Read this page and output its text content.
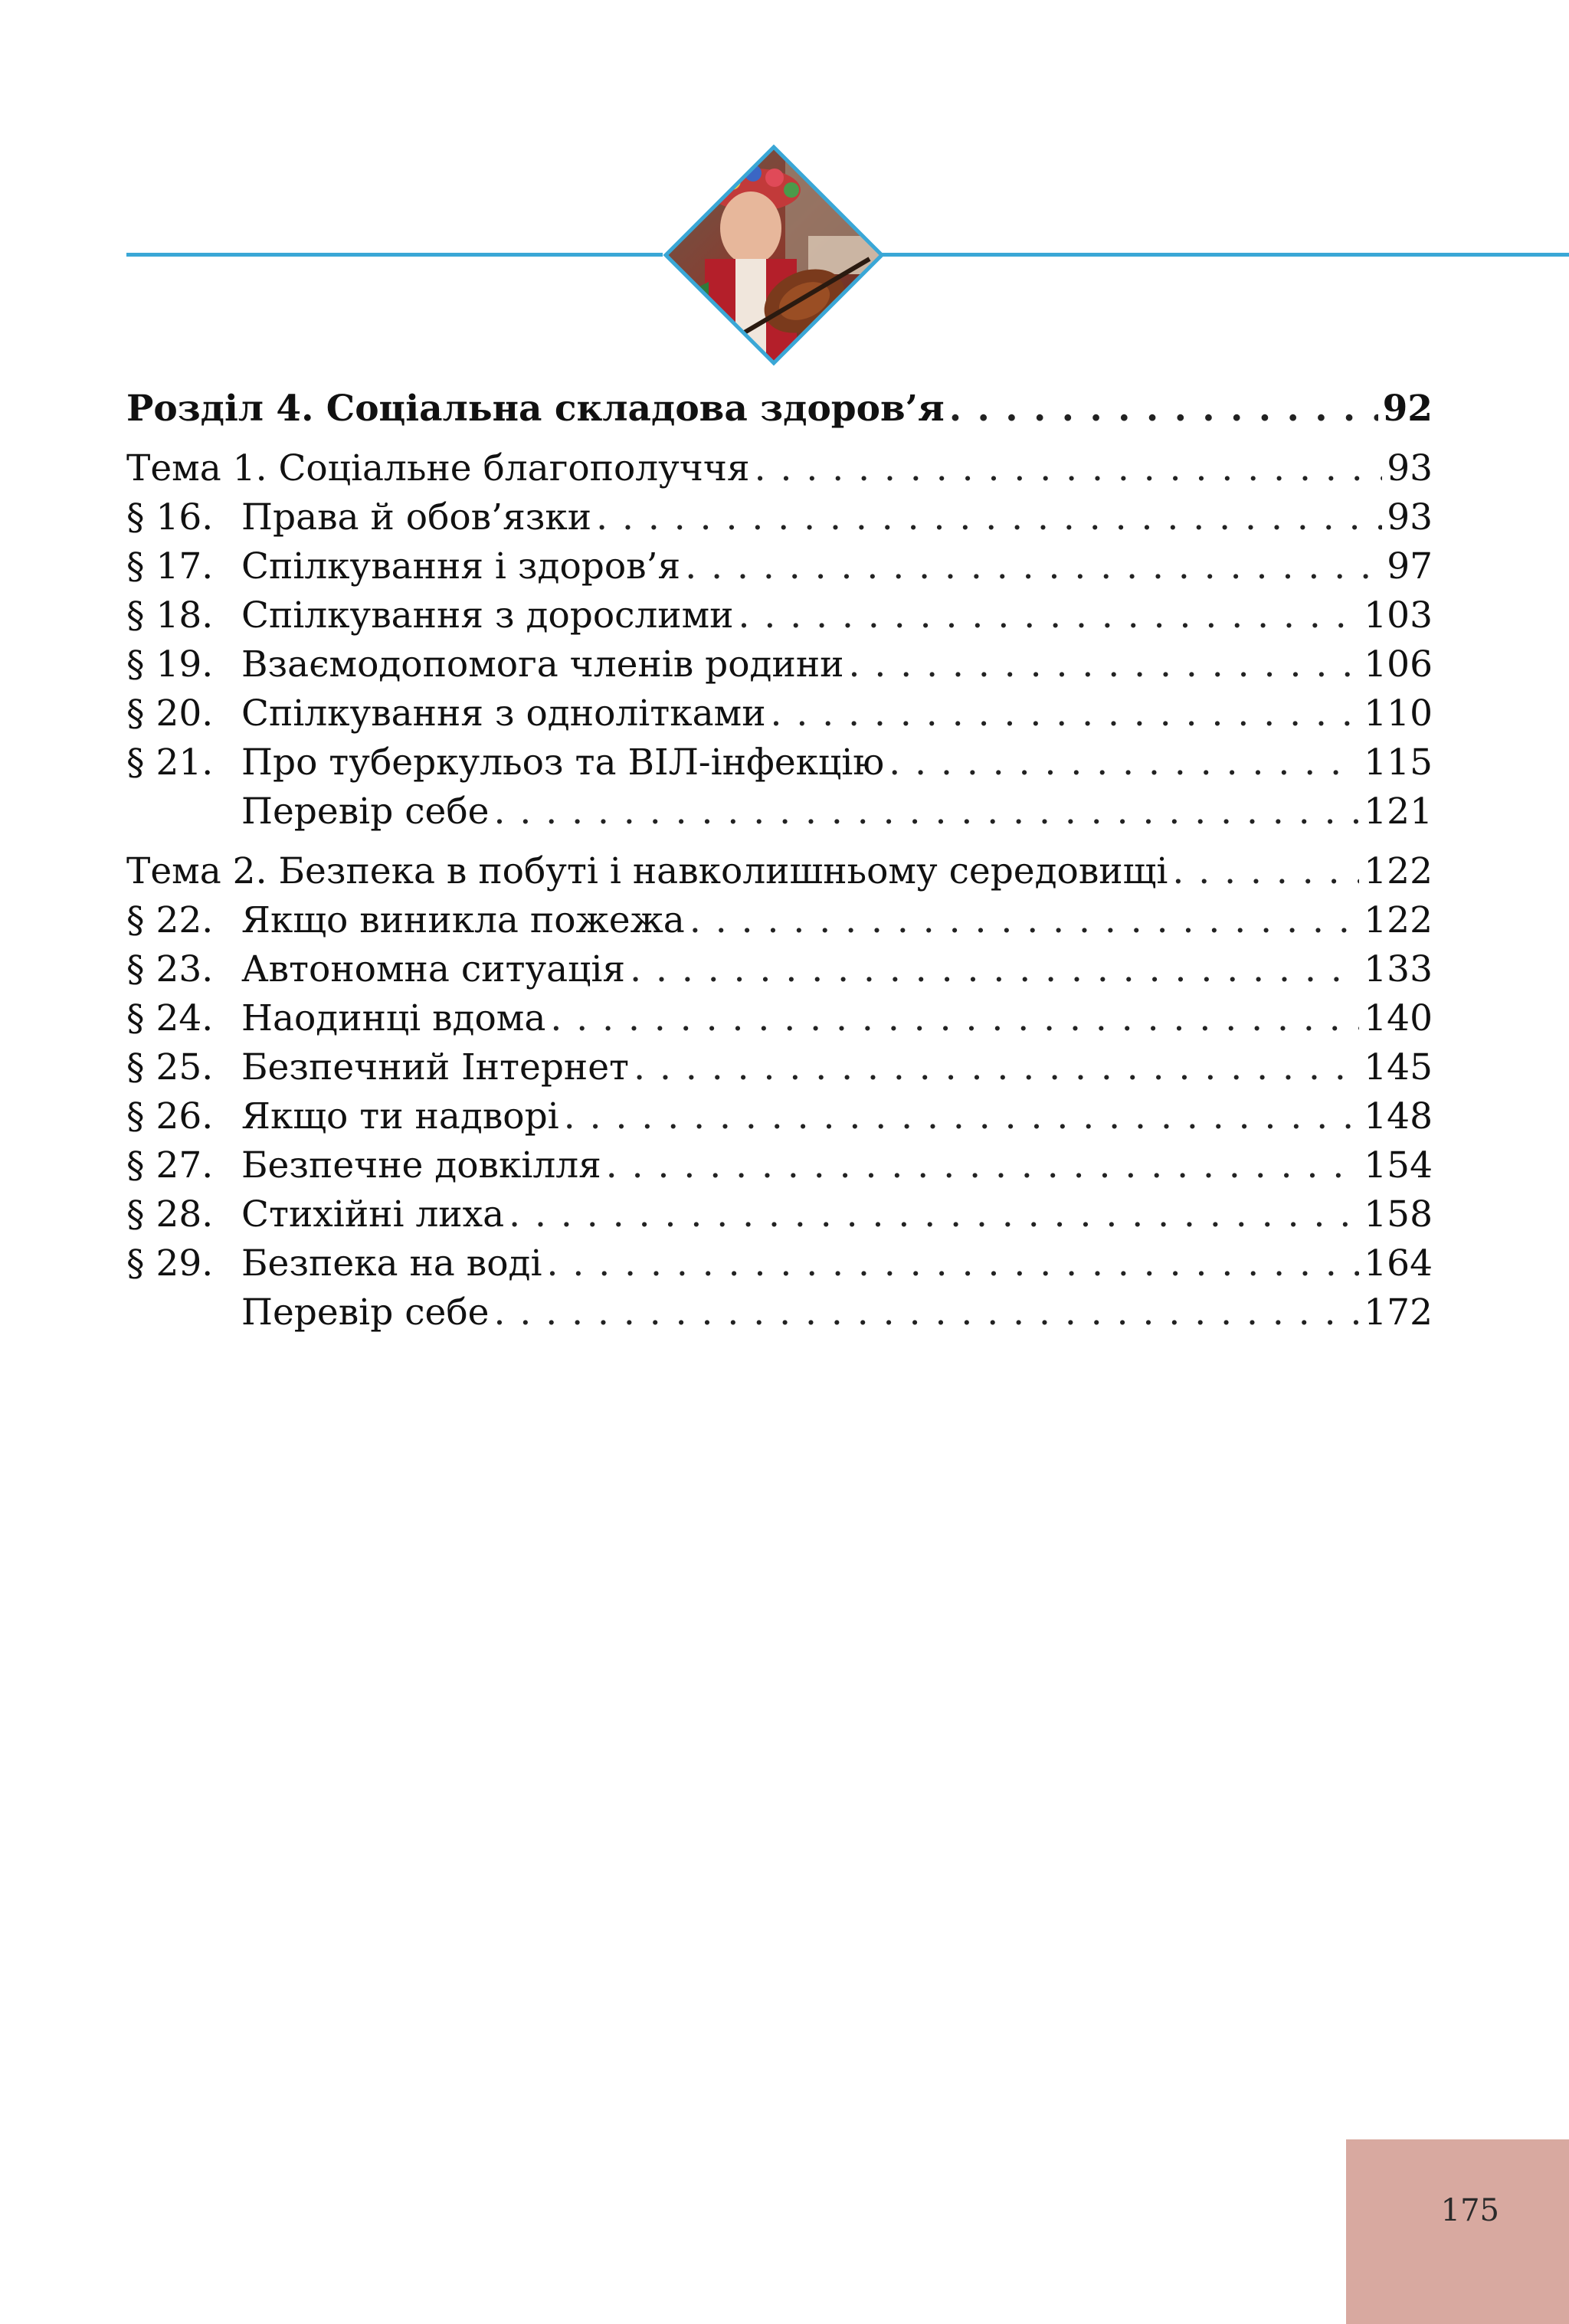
Розділ 4. Соціальна складова здоров’я . . .	92
Тема 1. Соціальне благополуччя . . .	93
§ 16. Права й обов’язки . . .	93
§ 17. Спілкування і здоров’я . . .	97
§ 18. Спілкування з дорослими . . .	103
§ 19. Взаємодопомога членів родини . . .	106
§ 20. Спілкування з однолітками . . .	110
§ 21. Про туберкульоз та ВІЛ-інфекцію . . .	115
Перевір себе . . .	121
Тема 2. Безпека в побуті і навколишньому середовищі . . .	122
§ 22. Якщо виникла пожежа . . .	122
§ 23. Автономна ситуація . . .	133
§ 24. Наодинці вдома . . .	140
§ 25. Безпечний Інтернет . . .	145
§ 26. Якщо ти надворі . . .	148
§ 27. Безпечне довкілля . . .	154
§ 28. Стихійні лиха . . .	158
§ 29. Безпека на воді . . .	164
Перевір себе . . .	172
175
